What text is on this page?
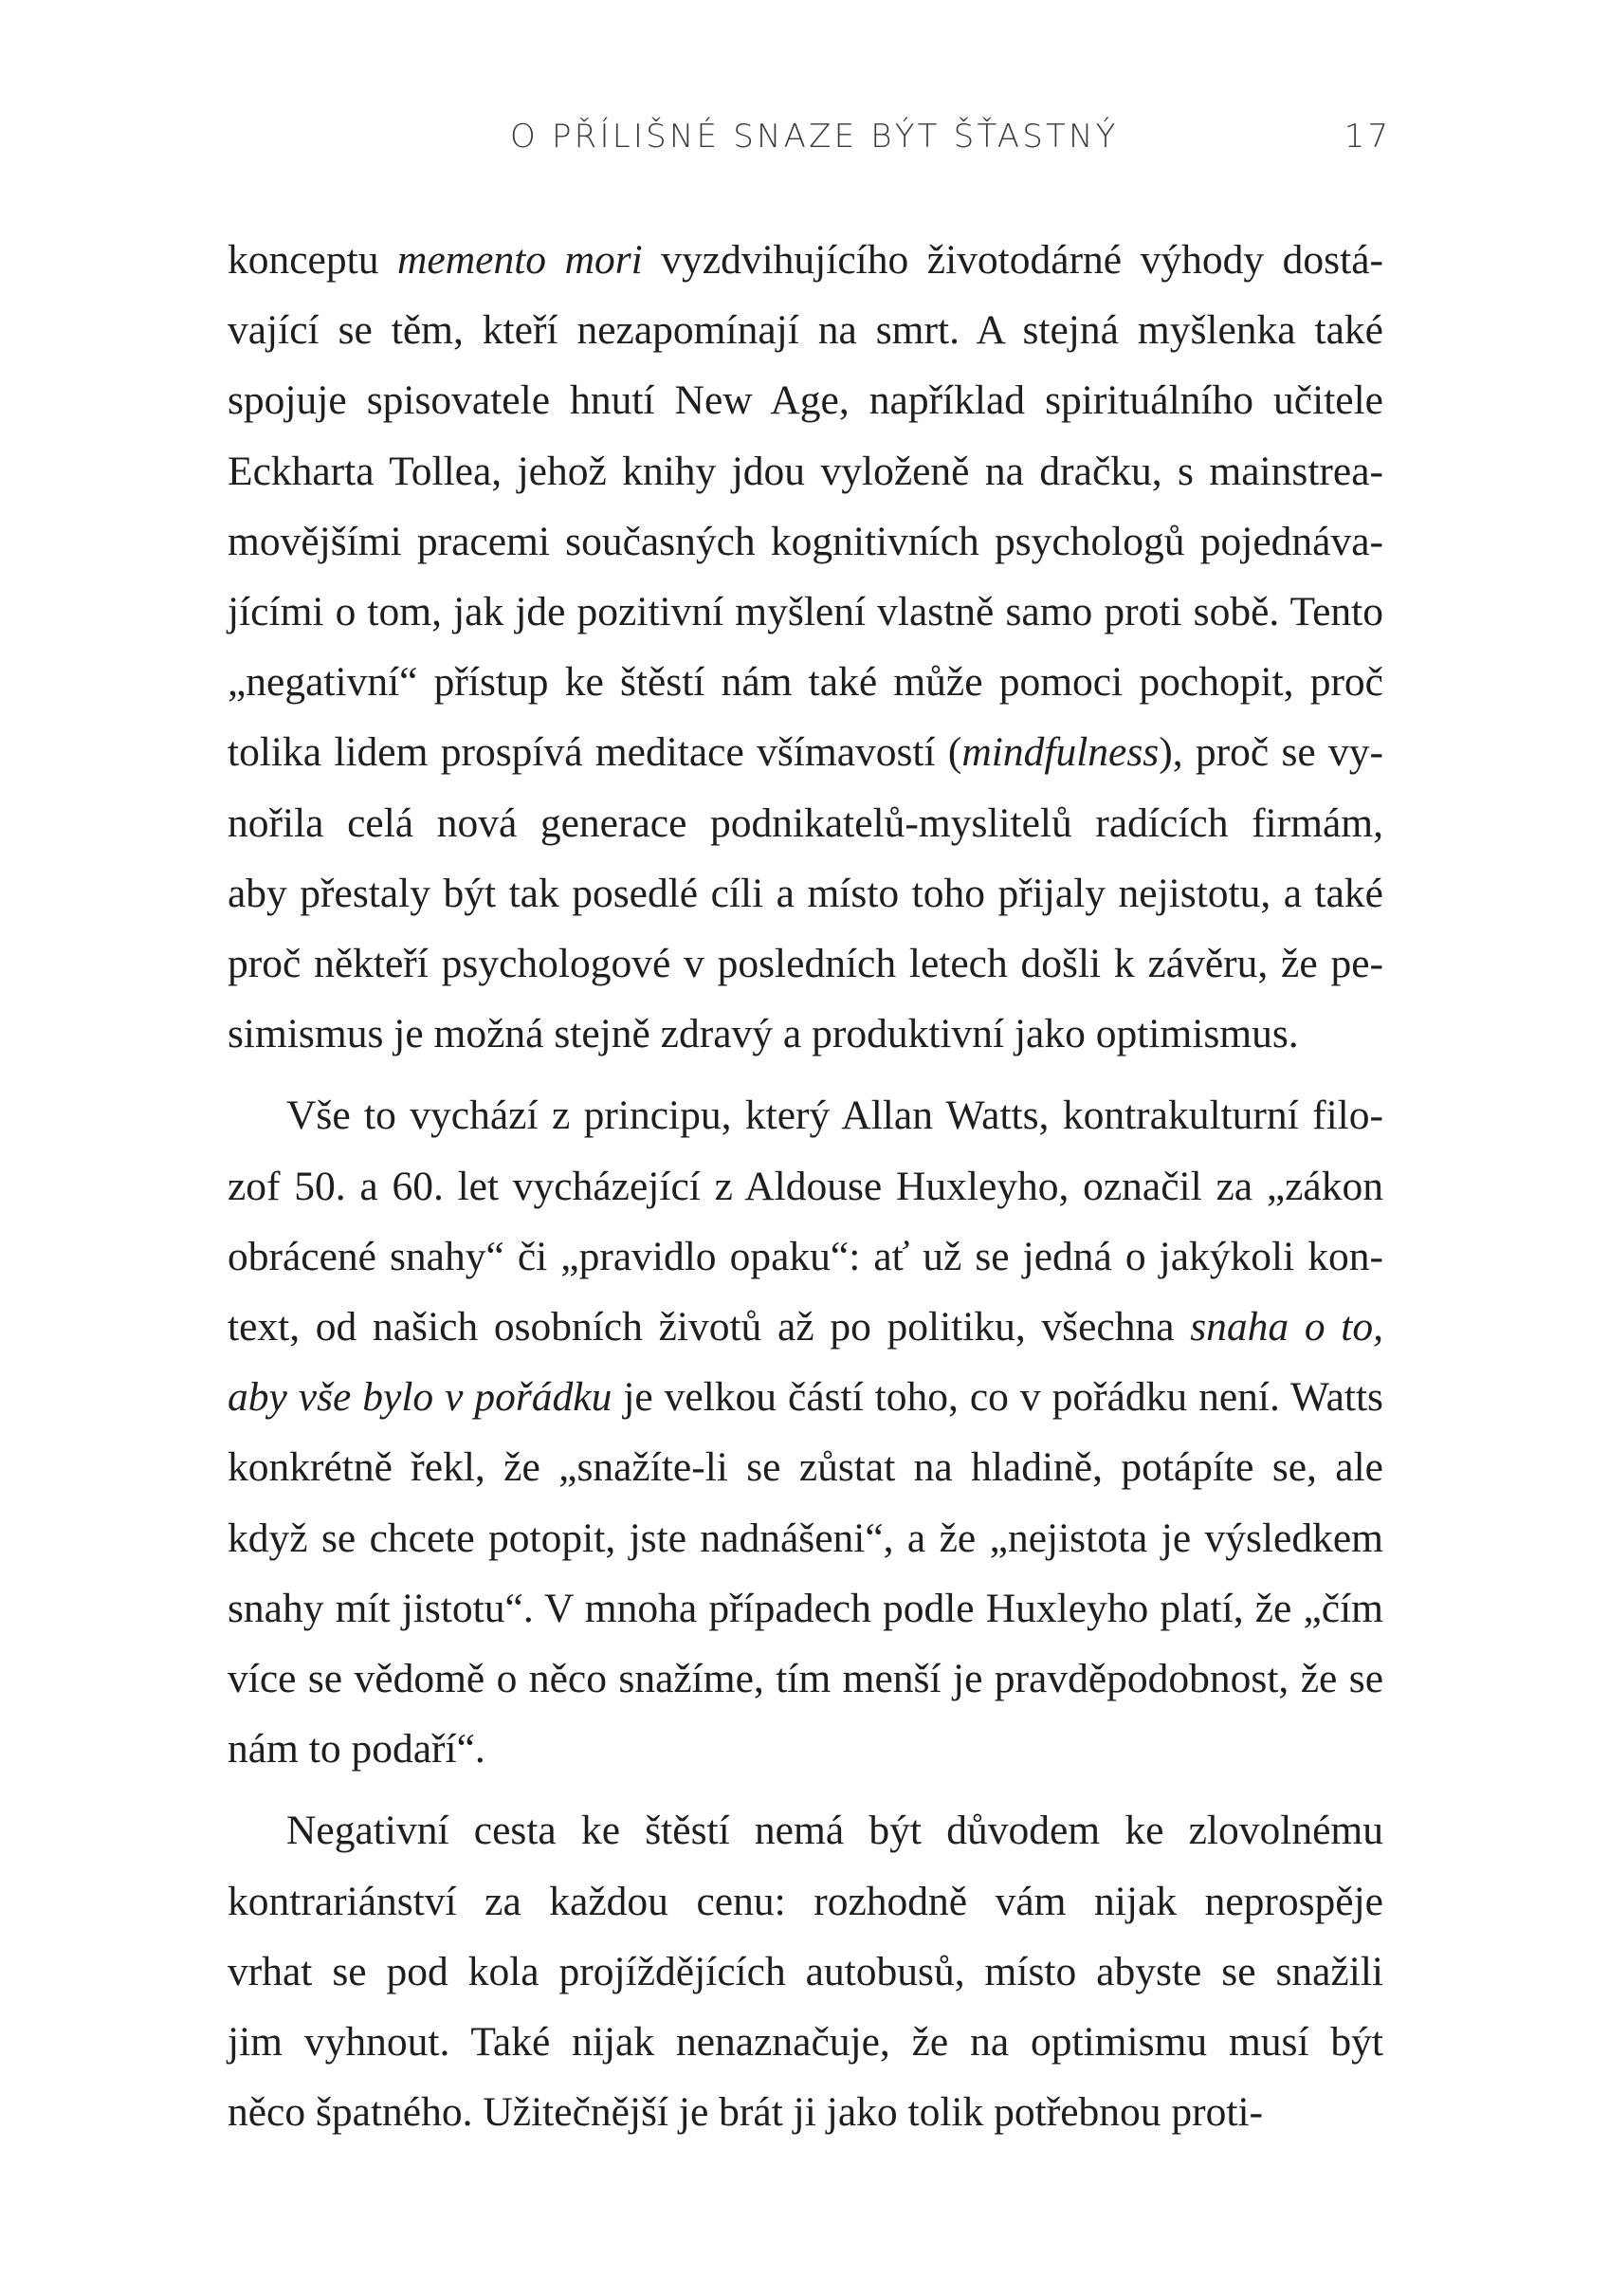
O PŘÍLIŠNÉ SNAZE BÝT ŠŤASTNÝ	17
konceptu memento mori vyzdvihujícího životodárné výhody dostá-
vající se těm, kteří nezapomínají na smrt. A stejná myšlenka také
spojuje spisovatele hnutí New Age, například spirituálního učitele
Eckharta Tollea, jehož knihy jdou vyloženě na dračku, s mainstrea-
movějšími pracemi současných kognitivních psychologů pojednáva-
jícími o tom, jak jde pozitivní myšlení vlastně samo proti sobě. Tento
„negativní“ přístup ke štěstí nám také může pomoci pochopit, proč
tolika lidem prospívá meditace všímavostí (mindfulness), proč se vy-
nořila celá nová generace podnikatelů-myslitelů radících firmám,
aby přestaly být tak posedlé cíli a místo toho přijaly nejistotu, a také
proč někteří psychologové v posledních letech došli k závěru, že pe-
simismus je možná stejně zdravý a produktivní jako optimismus.
Vše to vychází z principu, který Allan Watts, kontrakulturní filo-
zof 50. a 60. let vycházející z Aldouse Huxleyho, označil za „zákon
obrácené snahy“ či „pravidlo opaku“: ať už se jedná o jakýkoli kon-
text, od našich osobních životů až po politiku, všechna snaha o to,
aby vše bylo v pořádku je velkou částí toho, co v pořádku není. Watts
konkrétně řekl, že „snažíte-li se zůstat na hladině, potápíte se, ale
když se chcete potopit, jste nadnášeni“, a že „nejistota je výsledkem
snahy mít jistotu“. V mnoha případech podle Huxleyho platí, že „čím
více se vědomě o něco snažíme, tím menší je pravděpodobnost, že se
nám to podaří“.
Negativní cesta ke štěstí nemá být důvodem ke zlovolnému
kontrariánství za každou cenu: rozhodně vám nijak neprospěje
vrhat se pod kola projíždějících autobusů, místo abyste se snažili
jim vyhnout. Také nijak nenaznačuje, že na optimismu musí být
něco špatného. Užitečnější je brát ji jako tolik potřebnou proti-
